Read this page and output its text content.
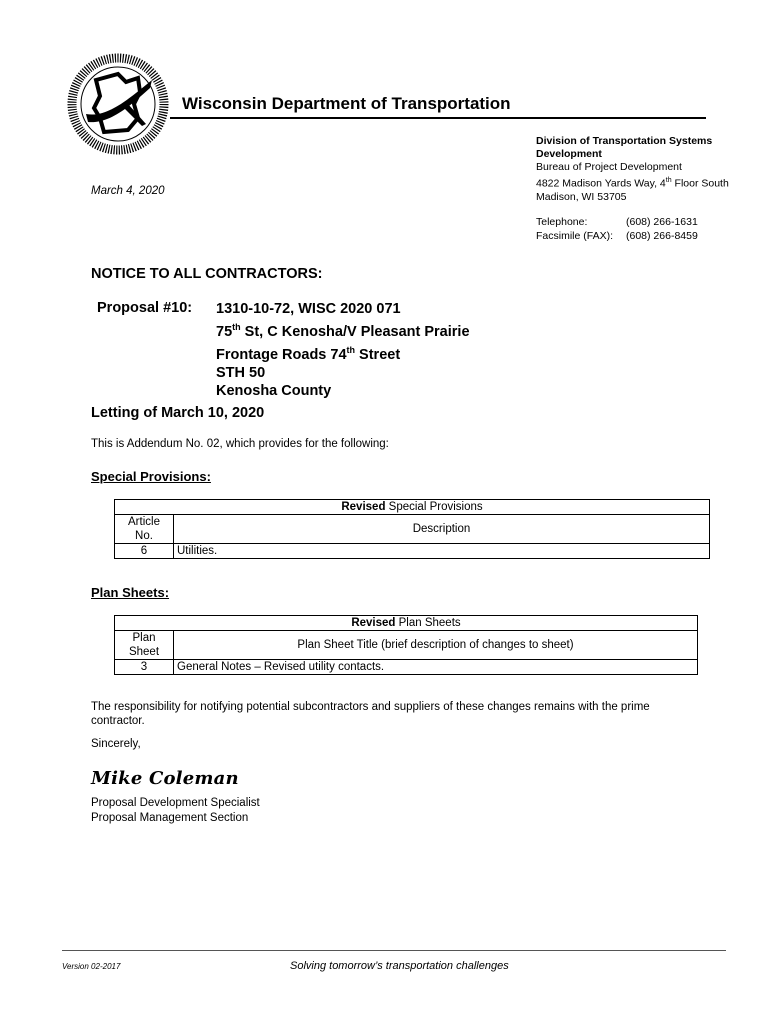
Wisconsin Department of Transportation
Division of Transportation Systems
Development
Bureau of Project Development
4822 Madison Yards Way, 4th Floor South
Madison, WI 53705
Telephone:	(608) 266-1631
Facsimile (FAX): (608) 266-8459
March 4, 2020
NOTICE TO ALL CONTRACTORS:
Proposal #10: 1310-10-72, WISC 2020 071
75th St, C Kenosha/V Pleasant Prairie
Frontage Roads 74th Street
STH 50
Kenosha County
Letting of March 10, 2020
This is Addendum No. 02, which provides for the following:
Special Provisions:
Revised Special Provisions	
Article
No.	Description
6	Utilities.
Plan Sheets:
Revised Plan Sheets	
Plan
Sheet	Plan Sheet Title (brief description of changes to sheet)
3	General Notes – Revised utility contacts.
The responsibility for notifying potential subcontractors and suppliers of these changes remains with the prime contractor.
Sincerely,
Mike Coleman
Proposal Development Specialist
Proposal Management Section
Version 02-2017	Solving tomorrow’s transportation challenges
